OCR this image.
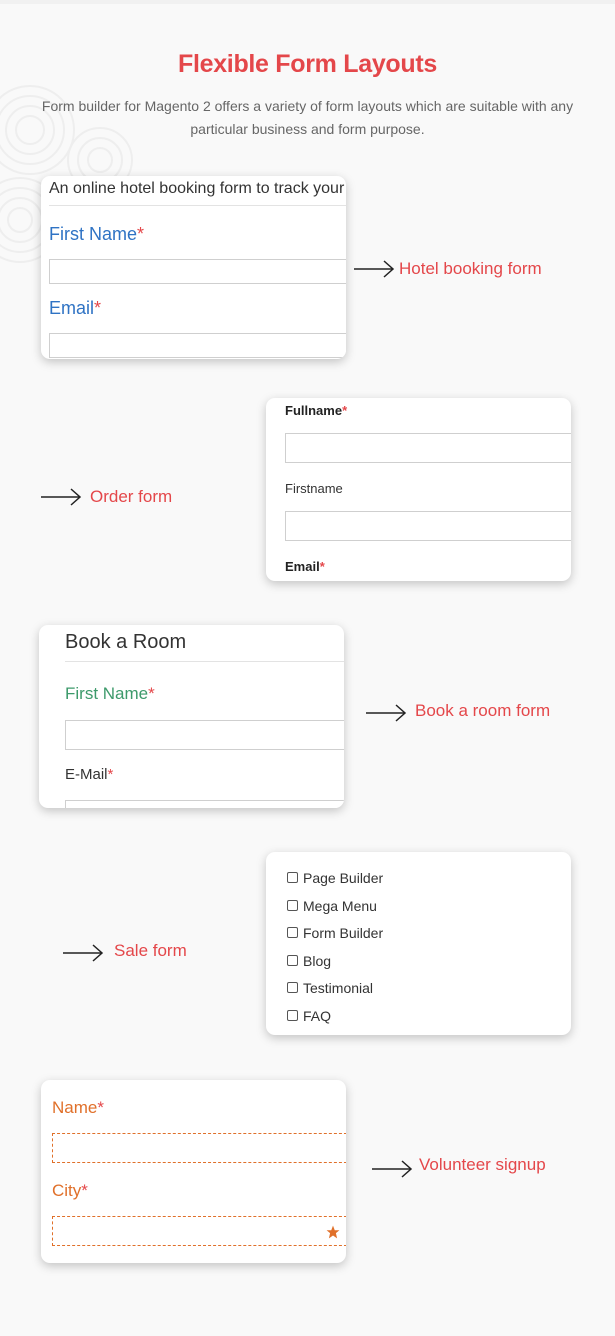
Flexible Form Layouts
Form builder for Magento 2 offers a variety of form layouts which are suitable with any
particular business and form purpose.
An online hotel booking form to track your
First Name*
Email*
Hotel booking form
Fullname*
Firstname
Email*
Order form
Book a Room
First Name*
E-Mail*
Book a room form
Page Builder
Mega Menu
Form Builder
Blog
Testimonial
FAQ
Sale form
Name*
City*
Volunteer signup
